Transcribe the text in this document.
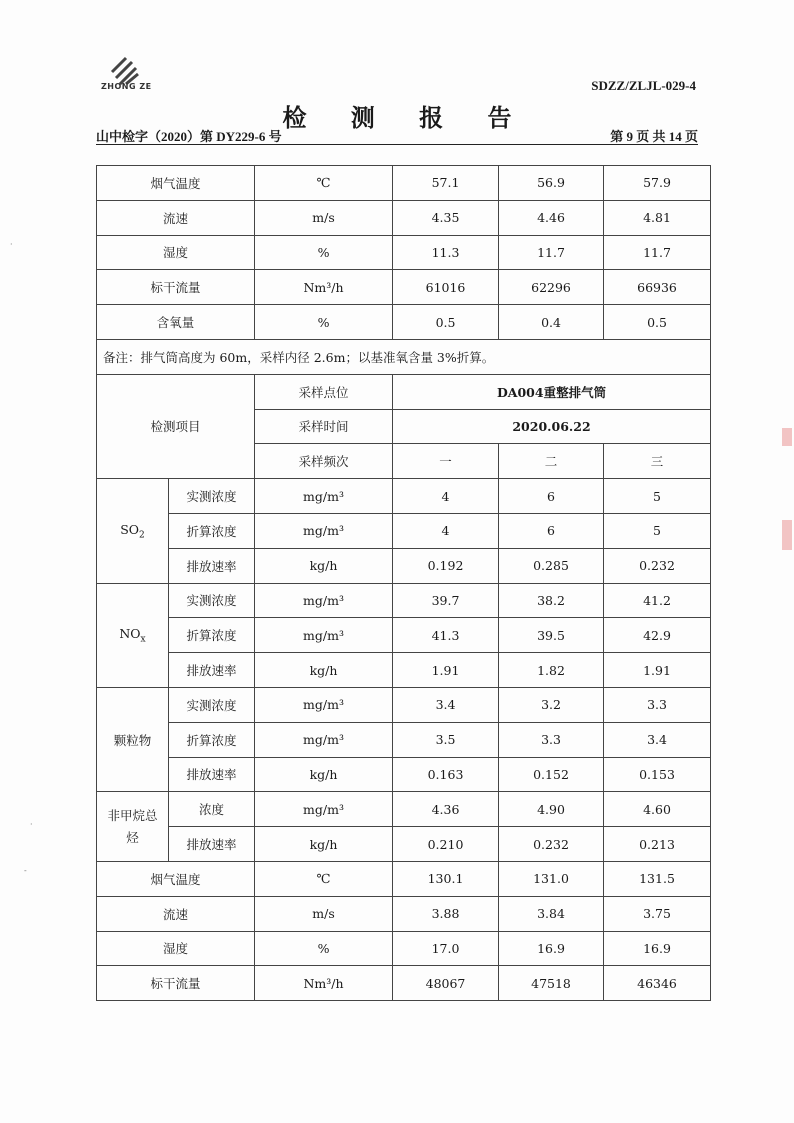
ZHONG ZE	SDZZ/ZLJL-029-4
检 测 报 告
山中检字（2020）第 DY229-6 号	第 9 页 共 14 页
烟气温度		℃	57.1	56.9	57.9
流速		m/s	4.35	4.46	4.81
湿度		%	11.3	11.7	11.7
标干流量		Nm³/h	61016	62296	66936
含氧量		%	0.5	0.4	0.5
备注：排气筒高度为 60m，采样内径 2.6m；以基准氧含量 3%折算。					
检测项目		采样点位	DA004重整排气筒		
		采样时间	2020.06.22		
		采样频次	一	二	三
$SO_2$	实测浓度	mg/m³	4	6	5
	折算浓度	mg/m³	4	6	5
	排放速率	kg/h	0.192	0.285	0.232
$NO_x$	实测浓度	mg/m³	39.7	38.2	41.2
	折算浓度	mg/m³	41.3	39.5	42.9
	排放速率	kg/h	1.91	1.82	1.91
颗粒物	实测浓度	mg/m³	3.4	3.2	3.3
	折算浓度	mg/m³	3.5	3.3	3.4
	排放速率	kg/h	0.163	0.152	0.153
非甲烷总烃	浓度	mg/m³	4.36	4.90	4.60
	排放速率	kg/h	0.210	0.232	0.213
烟气温度		℃	130.1	131.0	131.5
流速		m/s	3.88	3.84	3.75
湿度		%	17.0	16.9	16.9
标干流量		Nm³/h	48067	47518	46346
·
·
-
